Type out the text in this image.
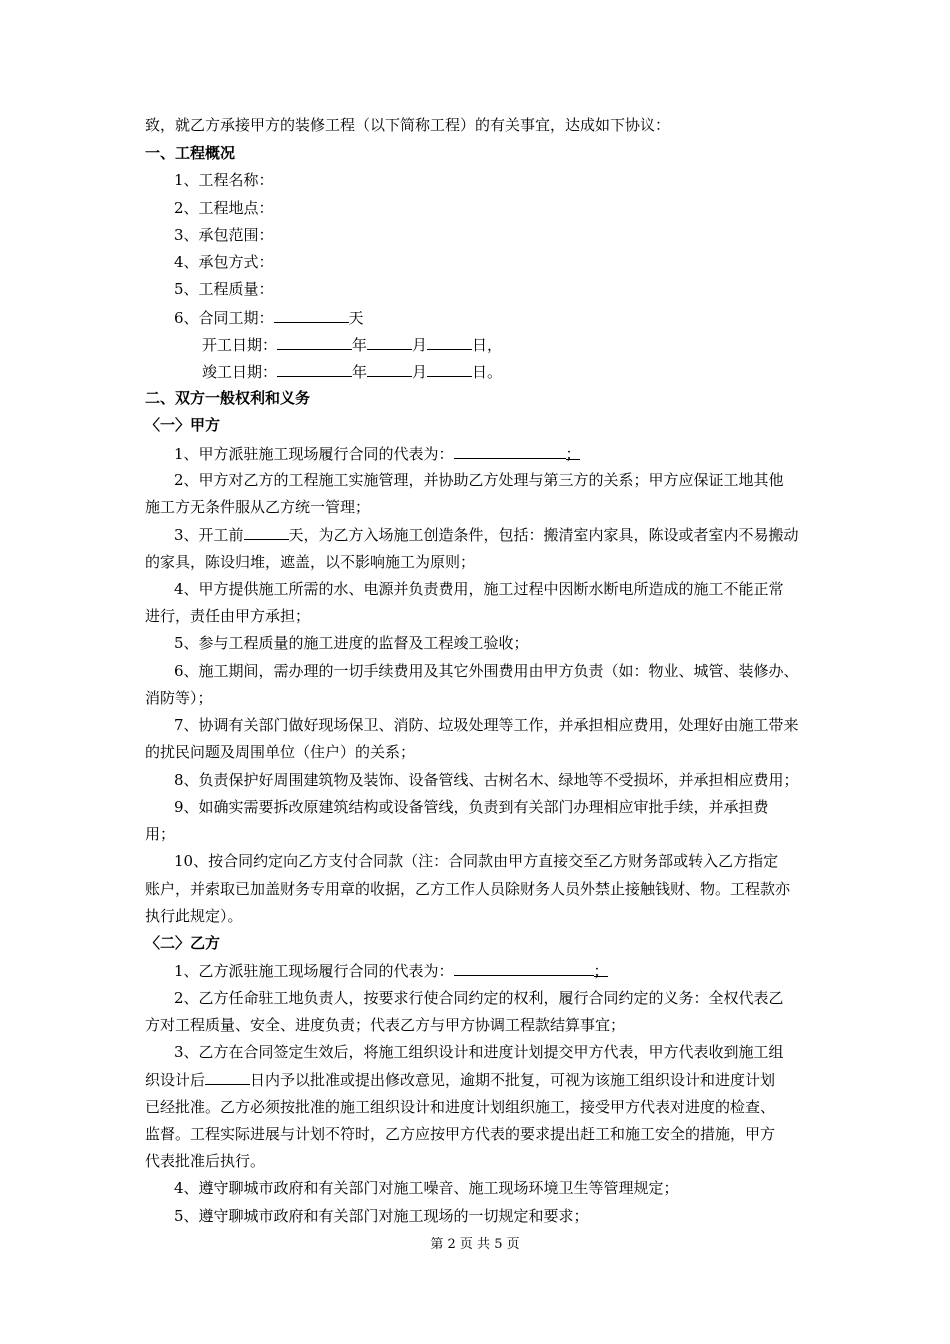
致，就乙方承接甲方的装修工程（以下简称工程）的有关事宜，达成如下协议：
一、工程概况
1、工程名称：
2、工程地点：
3、承包范围：
4、承包方式：
5、工程质量：
6、合同工期：	天
开工日期：	年	月	日，
竣工日期：	年	月	日。
二、双方一般权利和义务
〈一〉甲方
1、甲方派驻施工现场履行合同的代表为：	；
2、甲方对乙方的工程施工实施管理，并协助乙方处理与第三方的关系；甲方应保证工地其他
施工方无条件服从乙方统一管理；
3、开工前	天，为乙方入场施工创造条件，包括：搬清室内家具，陈设或者室内不易搬动
的家具，陈设归堆，遮盖，以不影响施工为原则；
4、甲方提供施工所需的水、电源并负责费用，施工过程中因断水断电所造成的施工不能正常
进行，责任由甲方承担；
5、参与工程质量的施工进度的监督及工程竣工验收；
6、施工期间，需办理的一切手续费用及其它外围费用由甲方负责（如：物业、城管、装修办、
消防等）；
7、协调有关部门做好现场保卫、消防、垃圾处理等工作，并承担相应费用，处理好由施工带来
的扰民问题及周围单位（住户）的关系；
8、负责保护好周围建筑物及装饰、设备管线、古树名木、绿地等不受损坏，并承担相应费用；
9、如确实需要拆改原建筑结构或设备管线，负责到有关部门办理相应审批手续，并承担费
用；
10、按合同约定向乙方支付合同款（注：合同款由甲方直接交至乙方财务部或转入乙方指定
账户，并索取已加盖财务专用章的收据，乙方工作人员除财务人员外禁止接触钱财、物。工程款亦
执行此规定）。
〈二〉乙方
1、乙方派驻施工现场履行合同的代表为：	；
2、乙方任命驻工地负责人，按要求行使合同约定的权利，履行合同约定的义务：全权代表乙
方对工程质量、安全、进度负责；代表乙方与甲方协调工程款结算事宜；
3、乙方在合同签定生效后，将施工组织设计和进度计划提交甲方代表，甲方代表收到施工组
织设计后	日内予以批准或提出修改意见，逾期不批复，可视为该施工组织设计和进度计划
已经批准。乙方必须按批准的施工组织设计和进度计划组织施工，接受甲方代表对进度的检查、
监督。工程实际进展与计划不符时，乙方应按甲方代表的要求提出赶工和施工安全的措施，甲方
代表批准后执行。
4、遵守聊城市政府和有关部门对施工噪音、施工现场环境卫生等管理规定；
5、遵守聊城市政府和有关部门对施工现场的一切规定和要求；
第 2 页 共 5 页
